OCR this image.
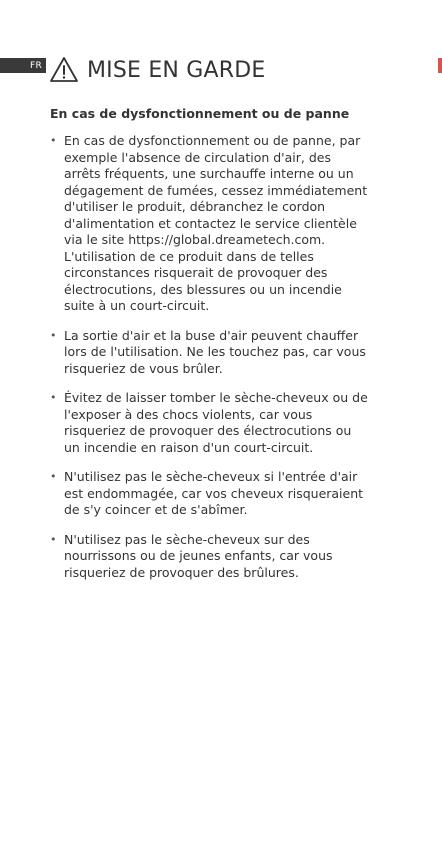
FR MISE EN GARDE
En cas de dysfonctionnement ou de panne
• En cas de dysfonctionnement ou de panne, par exemple l'absence de circulation d'air, des arrêts fréquents, une surchauffe interne ou un dégagement de fumées, cessez immédiatement d'utiliser le produit, débranchez le cordon d'alimentation et contactez le service clientèle via le site https://global.dreametech.com. L'utilisation de ce produit dans de telles circonstances risquerait de provoquer des électrocutions, des blessures ou un incendie suite à un court-circuit.
• La sortie d'air et la buse d'air peuvent chauffer lors de l'utilisation. Ne les touchez pas, car vous risqueriez de vous brûler.
• Évitez de laisser tomber le sèche-cheveux ou de l'exposer à des chocs violents, car vous risqueriez de provoquer des électrocutions ou un incendie en raison d'un court-circuit.
• N'utilisez pas le sèche-cheveux si l'entrée d'air est endommagée, car vos cheveux risqueraient de s'y coincer et de s'abîmer.
• N'utilisez pas le sèche-cheveux sur des nourrissons ou de jeunes enfants, car vous risqueriez de provoquer des brûlures.
